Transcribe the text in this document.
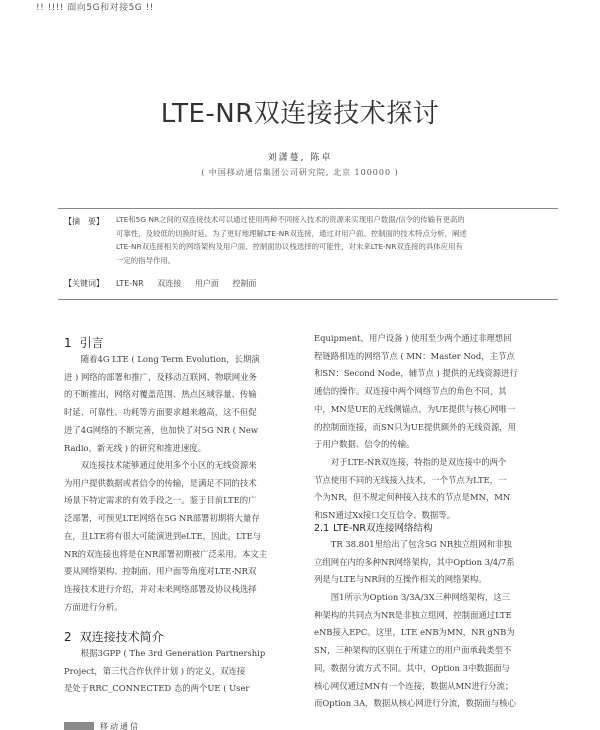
!! !!!! 面向5G和对接5G !!
LTE-NR双连接技术探讨
刘潇蔓, 陈卓
( 中国移动通信集团公司研究院, 北京 100000 )
【摘　要】 LTE和5G NR之间的双连接技术可以通过使用两种不同接入技术的资源来实现用户数据/信令的传输有更高的
可靠性，及较低的切换时延。为了更好地理解LTE-NR双连接，通过对用户面、控制面的技术特点分析，阐述
LTE-NR双连接相关的网络架构及用户面、控制面协议栈选择的可能性，对未来LTE-NR双连接的具体应用有
一定的指导作用。
【关键词】 LTE-NR 双连接 用户面 控制面
1 引言
　　随着4G LTE ( Long Term Evolution，长期演
进 ) 网络的部署和推广，及移动互联网、物联网业务
的不断推出，网络对覆盖范围、热点区域容量、传输
时延、可靠性、功耗等方面要求越来越高，这不但促
进了4G网络的不断完善，也加快了对5G NR ( New
Radio，新无线 ) 的研究和推进速度。
　　双连接技术能够通过使用多个小区的无线资源来
为用户提供数据或者信令的传输，是满足不同的技术
场景下特定需求的有效手段之一。鉴于目前LTE的广
泛部署，可预见LTE网络在5G NR部署初期将大量存
在，且LTE将有很大可能演进到eLTE，因此，LTE与
NR的双连接也将是在NR部署初期被广泛采用。本文主
要从网络架构、控制面、用户面等角度对LTE-NR双
连接技术进行介绍，并对未来网络部署及协议栈选择
方面进行分析。
2 双连接技术简介
　　根据3GPP ( The 3rd Generation Partnership
Project，第三代合作伙伴计划 ) 的定义，双连接
是处于RRC_CONNECTED 态的两个UE ( User
Equipment，用户设备 ) 使用至少两个通过非理想回
程链路相连的网络节点 ( MN：Master Nod，主节点
和SN：Second Node，辅节点 ) 提供的无线资源进行
通信的操作。双连接中两个网络节点的角色不同，其
中，MN是UE的无线侧锚点，为UE提供与核心网唯一
的控制面连接，而SN只为UE提供额外的无线资源，用
于用户数据、信令的传输。
　　对于LTE-NR双连接，特指的是双连接中的两个
节点使用不同的无线接入技术，一个节点为LTE，一
个为NR，但不规定何种接入技术的节点是MN，MN
和SN通过Xx接口交互信令、数据等。
2.1 LTE-NR双连接网络结构
　　TR 38.801里给出了包含5G NR独立组网和非独
立组网在内的多种NR网络架构，其中Option 3/4/7系
列是与LTE与NR间的互操作相关的网络架构。
　　图1所示为Option 3/3A/3X三种网络架构，这三
种架构的共同点为NR是非独立组网，控制面通过LTE
eNB接入EPC。这里，LTE eNB为MN，NR gNB为
SN，三种架构的区别在于所建立的用户面承载类型不
同，数据分流方式不同。其中，Option 3中数据面与
核心网仅通过MN有一个连接，数据从MN进行分流；
而Option 3A，数据从核心网进行分流，数据面与核心
移动通信
